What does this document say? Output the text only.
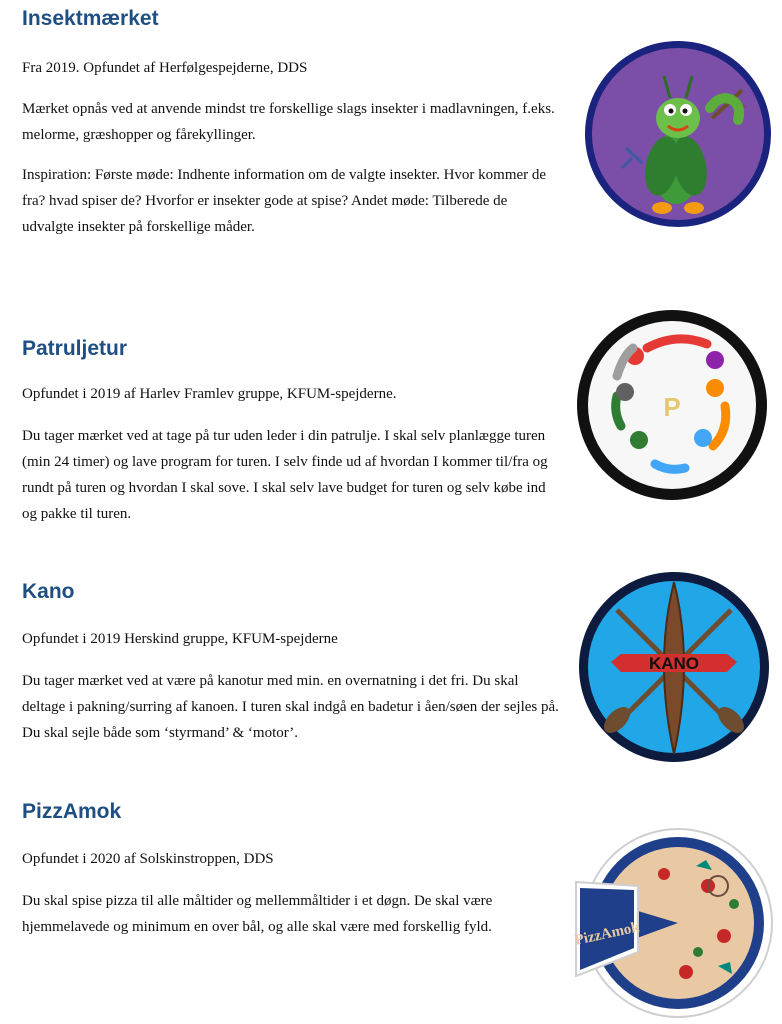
Insektmærket

Fra 2019. Opfundet af Herfølgespejderne, DDS

Mærket opnås ved at anvende mindst tre forskellige slags insekter i madlavningen, f.eks. melorme, græshopper og fårekyllinger.

Inspiration: Første møde: Indhente information om de valgte insekter. Hvor kommer de fra? hvad spiser de? Hvorfor er insekter gode at spise? Andet møde: Tilberede de udvalgte insekter på forskellige måder.

Patruljetur

Opfundet i 2019 af Harlev Framlev gruppe, KFUM-spejderne.

Du tager mærket ved at tage på tur uden leder i din patrulje. I skal selv planlægge turen (min 24 timer) og lave program for turen. I selv finde ud af hvordan I kommer til/fra og rundt på turen og hvordan I skal sove. I skal selv lave budget for turen og selv købe ind og pakke til turen.

P
Kano

Opfundet i 2019 Herskind gruppe, KFUM-spejderne

Du tager mærket ved at være på kanotur med min. en overnatning i det fri. Du skal deltage i pakning/surring af kanoen. I turen skal indgå en badetur i åen/søen der sejles på. Du skal sejle både som ‘styrmand’ & ‘motor’.

KANO
PizzAmok

Opfundet i 2020 af Solskinstroppen, DDS

Du skal spise pizza til alle måltider og mellemmåltider i et døgn. De skal være hjemmelavede og minimum en over bål, og alle skal være med forskellig fyld.	PizzAmok
